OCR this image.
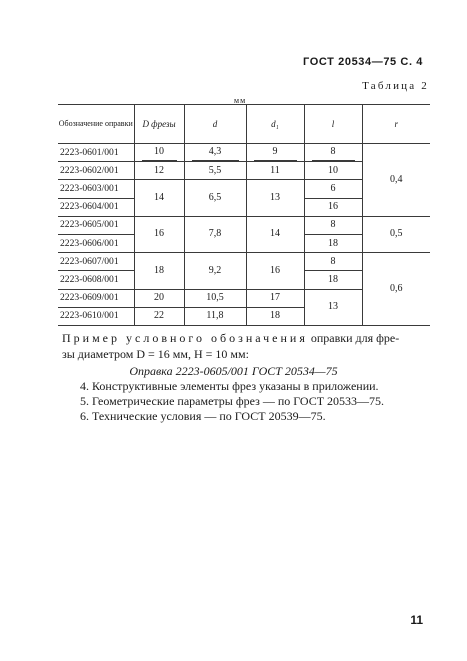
ГОСТ 20534—75 С. 4
Таблица 2
мм
Обозначение оправки	D фрезы	d	d₁	l	r
2223-0601/001	10	4,3	9	8	0,4
2223-0602/001	12	5,5	11	10	
2223-0603/001	14	6,5	13	6	
2223-0604/001				16	
2223-0605/001	16	7,8	14	8	0,5
2223-0606/001				18	
2223-0607/001	18	9,2	16	8	0,6
2223-0608/001				18	
2223-0609/001	20	10,5	17	13	
2223-0610/001	22	11,8	18		
Пример условного обозначения оправки для фре-
зы диаметром D = 16 мм, H = 10 мм:
Оправка 2223-0605/001 ГОСТ 20534—75
4. Конструктивные элементы фрез указаны в приложении.
5. Геометрические параметры фрез — по ГОСТ 20533—75.
6. Технические условия — по ГОСТ 20539—75.
11
